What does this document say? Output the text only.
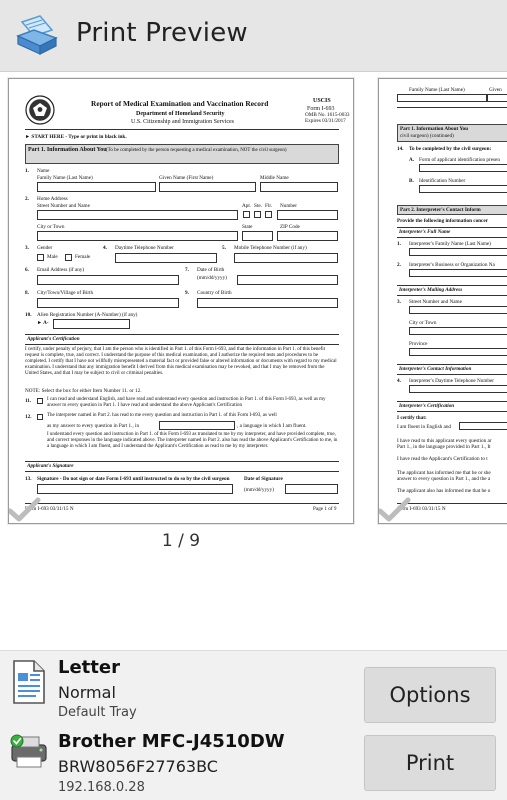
Print Preview
Report of Medical Examination and Vaccination Record
Department of Homeland Security
U.S. Citizenship and Immigration Services
USCIS
Form I-693
OMB No. 1615-0033
Expires 03/31/2017
► START HERE - Type or print in black ink.
Part 1. Information About You (To be completed by the person requesting a medical examination, NOT the civil surgeon)
1. Name
Family Name (Last Name)	Given Name (First Name)	Middle Name
2. Home Address
Street Number and Name	Apt. Ste. Flr. Number
City or Town	State	ZIP Code
3. Gender
Male	Female
4. Daytime Telephone Number	5. Mobile Telephone Number (if any)
6. Email Address (if any)	7. Date of Birth
(mm/dd/yyyy)
8. City/Town/Village of Birth	9. Country of Birth
10. Alien Registration Number (A-Number) (if any)
► A-
Applicant's Certification
I certify, under penalty of perjury, that I am the person who is identified in Part 1. of this Form I-693, and that the information in Part 1. of this benefit request is complete, true, and correct. I understand the purpose of this medical examination, and I authorize the required tests and procedures to be completed. I certify that I have not willfully misrepresented a material fact or provided false or altered information or documents with regard to my medical examination. I understand that any immigration benefit I derived from this medical examination may be revoked, and that I may be removed from the United States, and that I may be subject to civil or criminal penalties.
NOTE: Select the box for either Item Number 11. or 12.
11.	I can read and understand English, and have read and understand every question and instruction in Part 1. of this Form I-693, as well as my answer to every question in Part 1. I have read and understand the above Applicant's Certification
12.	The interpreter named in Part 2. has read to me every question and instruction in Part 1. of this Form I-693, as well
as my answer to every question in Part 1., in	, a language in which I am fluent.
I understand every question and instruction in Part 1. of this Form I-693 as translated to me by my interpreter, and have provided complete, true, and correct responses in the language indicated above. The interpreter named in Part 2. also has read the above Applicant's Certification to me, in a language in which I am fluent, and I understand the Applicant's Certification as read to me by my interpreter.
Applicant's Signature
13. Signature - Do not sign or date Form I-693 until instructed to do so by the civil surgeon	Date of Signature
(mm/dd/yyyy)
Form I-693 03/31/15 N	Page 1 of 9
Family Name (Last Name)	Given
Part 1. Information About You
civil surgeon) (continued)
14. To be completed by the civil surgeon:
A. Form of applicant identification presen
B. Identification Number
Part 2. Interpreter's Contact Inform
Provide the following information concer
Interpreter's Full Name
1. Interpreter's Family Name (Last Name)
2. Interpreter's Business or Organization Na
Interpreter's Mailing Address
3. Street Number and Name
City or Town
Province
Interpreter's Contact Information
4. Interpreter's Daytime Telephone Number
Interpreter's Certification
I certify that:
I am fluent in English and
I have read to this applicant every question ar
Part 1., in the language provided in Part 1., It
I have read the Applicant's Certification to t
The applicant has informed me that he or she
answer to every question in Part 1., and the a
The applicant also has informed me that he o
Form I-693 03/31/15 N
1 / 9
Letter
Normal
Default Tray
Brother MFC-J4510DW
BRW8056F27763BC
192.168.0.28
Options
Print
